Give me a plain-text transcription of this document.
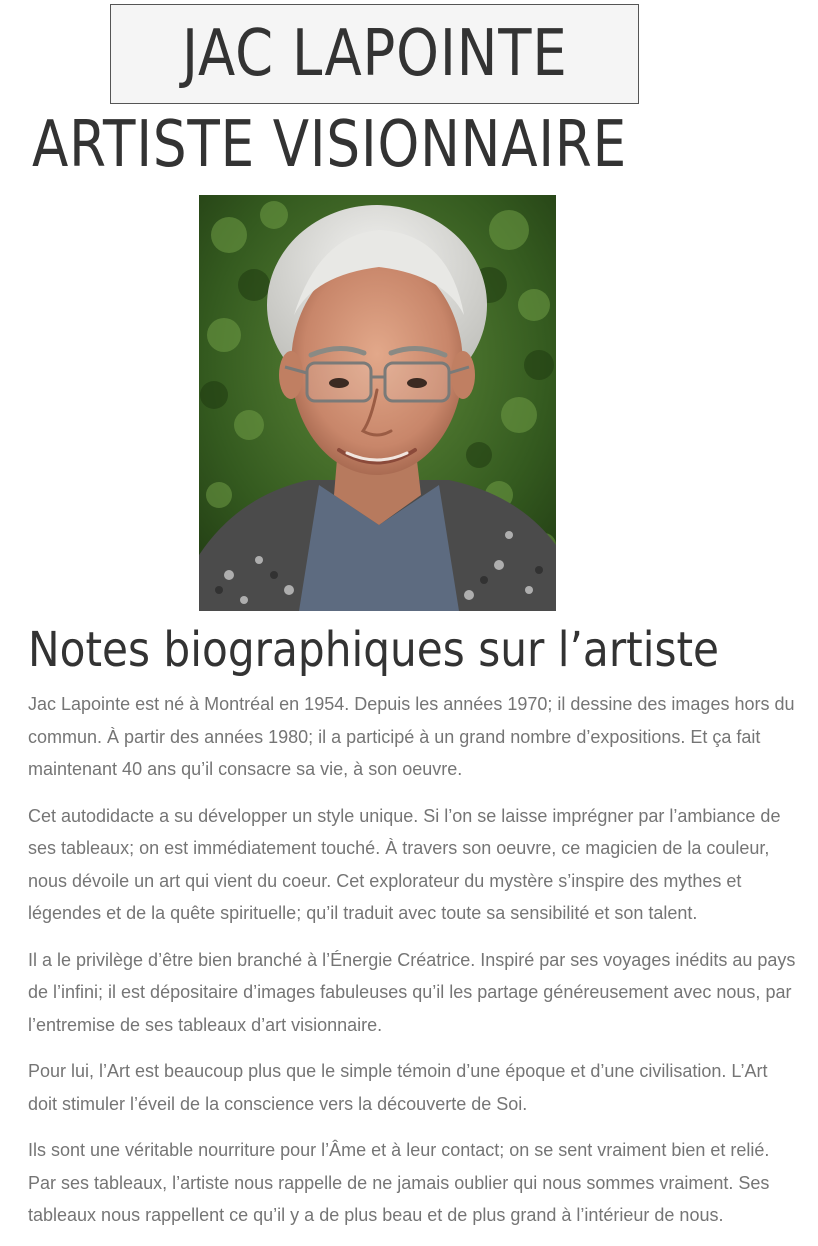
JAC LAPOINTE
ARTISTE VISIONNAIRE
Notes biographiques sur l’artiste

Jac Lapointe est né à Montréal en 1954. Depuis les années 1970; il dessine des images hors du commun. À partir des années 1980; il a participé à un grand nombre d’expositions. Et ça fait maintenant 40 ans qu’il consacre sa vie, à son oeuvre.

Cet autodidacte a su développer un style unique. Si l’on se laisse imprégner par l’ambiance de ses tableaux; on est immédiatement touché. À travers son oeuvre, ce magicien de la couleur, nous dévoile un art qui vient du coeur. Cet explorateur du mystère s’inspire des mythes et légendes et de la quête spirituelle; qu’il traduit avec toute sa sensibilité et son talent.

Il a le privilège d’être bien branché à l’Énergie Créatrice. Inspiré par ses voyages inédits au pays de l’infini; il est dépositaire d’images fabuleuses qu’il les partage généreusement avec nous, par l’entremise de ses tableaux d’art visionnaire.

Pour lui, l’Art est beaucoup plus que le simple témoin d’une époque et d’une civilisation. L’Art doit stimuler l’éveil de la conscience vers la découverte de Soi.

Ils sont une véritable nourriture pour l’Âme et à leur contact; on se sent vraiment bien et relié. Par ses tableaux, l’artiste nous rappelle de ne jamais oublier qui nous sommes vraiment. Ses tableaux nous rappellent ce qu’il y a de plus beau et de plus grand à l’intérieur de nous.
